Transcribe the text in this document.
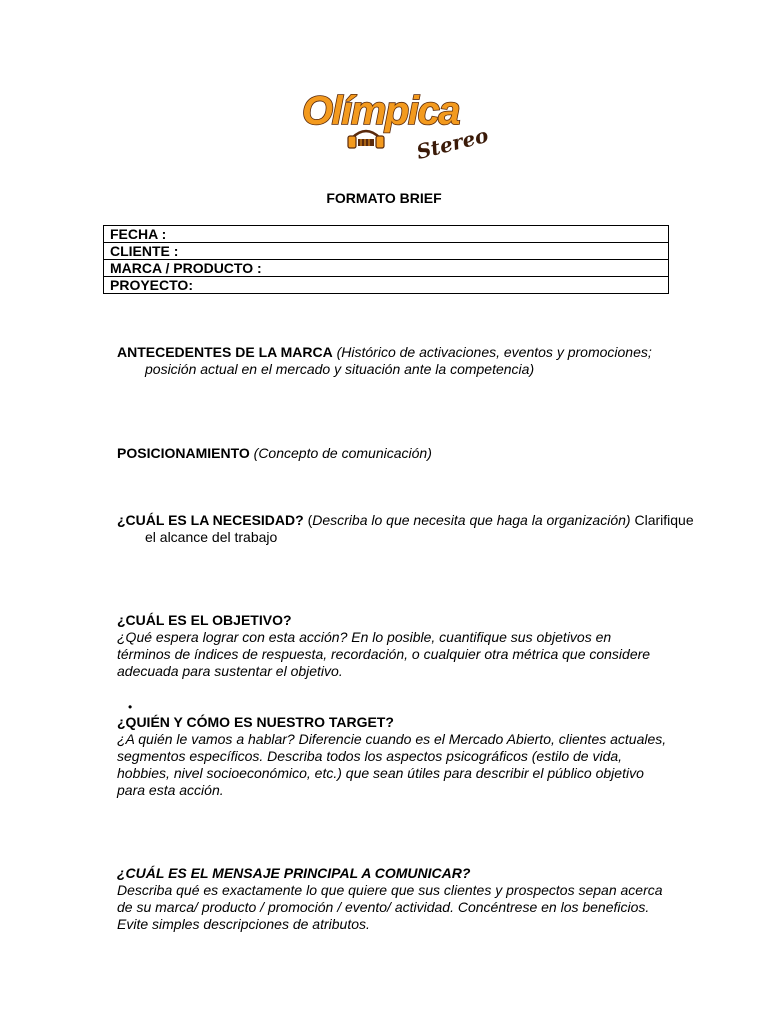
Olímpica
Stereo
FORMATO BRIEF
FECHA :
CLIENTE :
MARCA / PRODUCTO :
PROYECTO:
ANTECEDENTES DE LA MARCA (Histórico de activaciones, eventos y promociones; posición actual en el mercado y situación ante la competencia)
POSICIONAMIENTO (Concepto de comunicación)
¿CUÁL ES LA NECESIDAD? (Describa lo que necesita que haga la organización) Clarifique el alcance del trabajo
¿CUÁL ES EL OBJETIVO?
¿Qué espera lograr con esta acción? En lo posible, cuantifique sus objetivos en términos de índices de respuesta, recordación, o cualquier otra métrica que considere adecuada para sustentar el objetivo.
•
¿QUIÉN Y CÓMO ES NUESTRO TARGET?
¿A quién le vamos a hablar? Diferencie cuando es el Mercado Abierto, clientes actuales, segmentos específicos. Describa todos los aspectos psicográficos (estilo de vida, hobbies, nivel socioeconómico, etc.) que sean útiles para describir el público objetivo para esta acción.
¿CUÁL ES EL MENSAJE PRINCIPAL A COMUNICAR?
Describa qué es exactamente lo que quiere que sus clientes y prospectos sepan acerca de su marca/ producto / promoción / evento/ actividad. Concéntrese en los beneficios. Evite simples descripciones de atributos.
